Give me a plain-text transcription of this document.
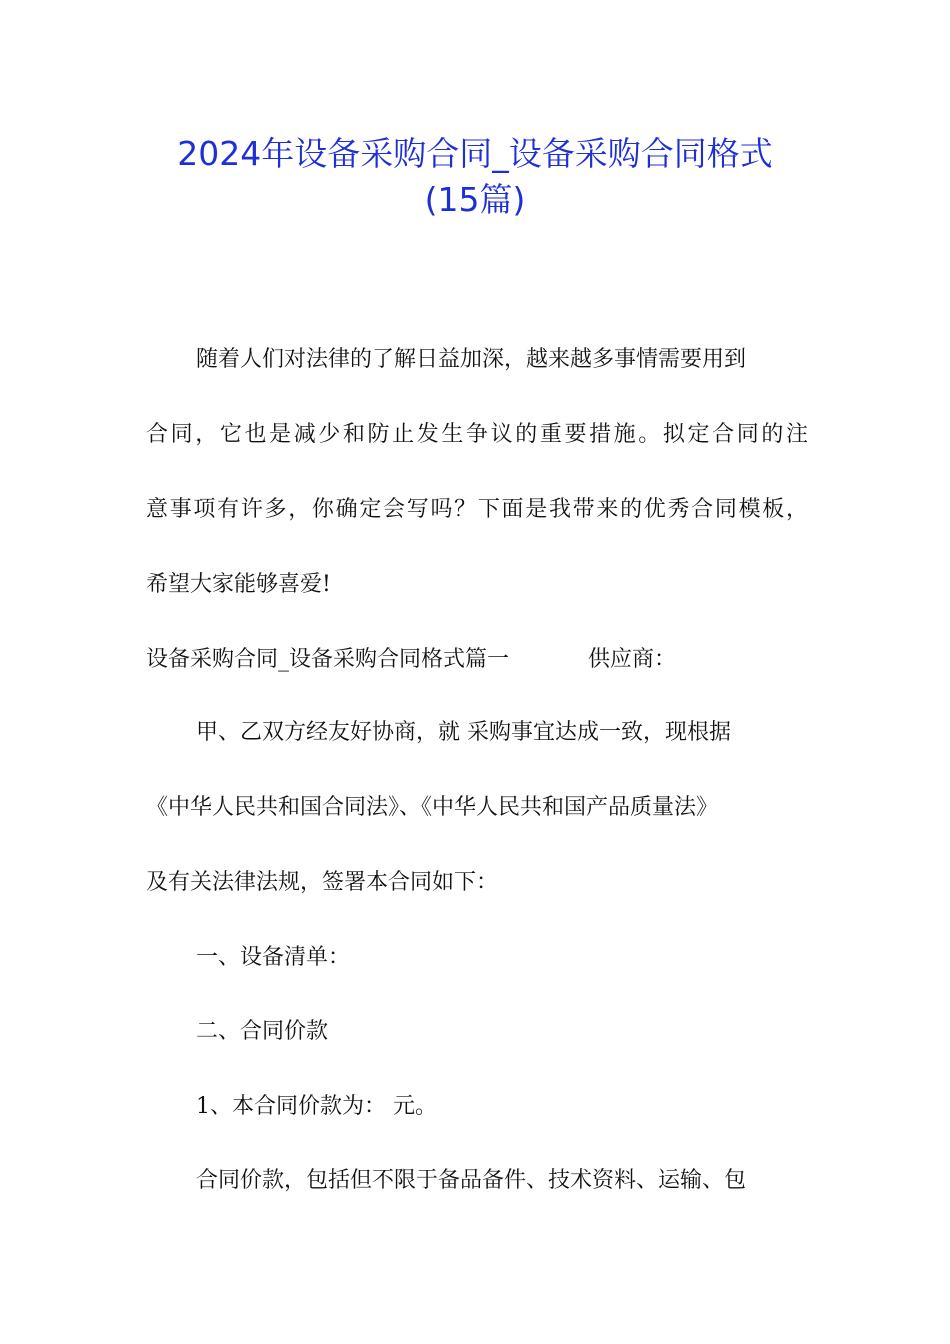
2024年设备采购合同_设备采购合同格式
(15篇)
随着人们对法律的了解日益加深，越来越多事情需要用到
合同，它也是减少和防止发生争议的重要措施。拟定合同的注
意事项有许多，你确定会写吗？下面是我带来的优秀合同模板，
希望大家能够喜爱!
设备采购合同_设备采购合同格式篇一	供应商：
甲、乙双方经友好协商，就 采购事宜达成一致，现根据
《中华人民共和国合同法》、《中华人民共和国产品质量法》
及有关法律法规，签署本合同如下：
一、设备清单：
二、合同价款
1、本合同价款为： 元。
合同价款，包括但不限于备品备件、技术资料、运输、包
